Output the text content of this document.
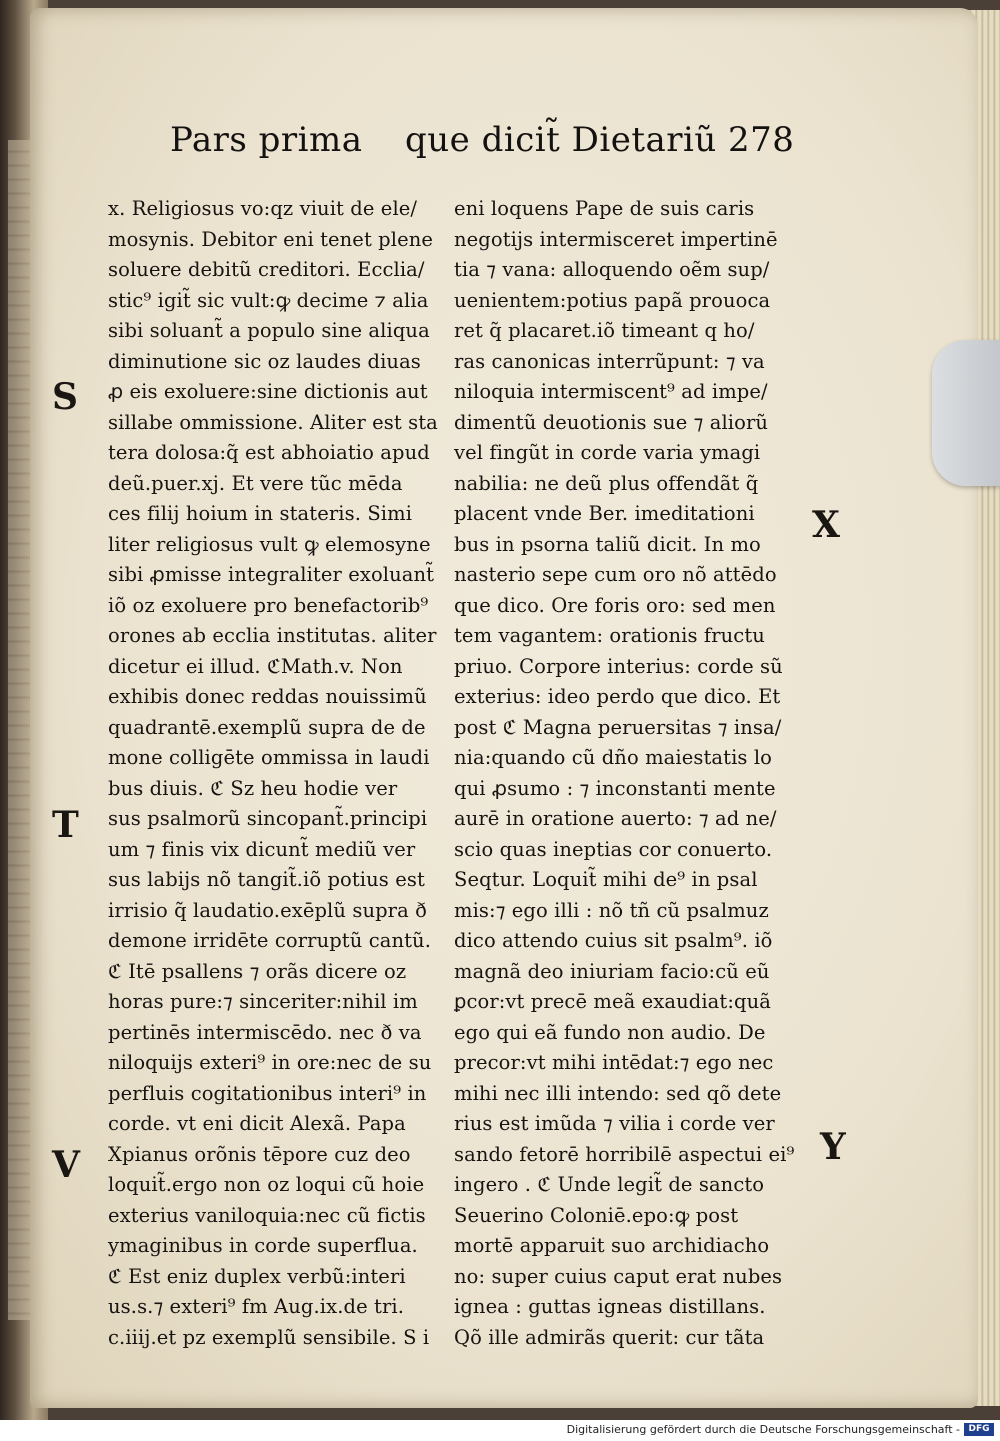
Pars prima que dicit̃ Dietariũ 278
S
T
V
X
Y
x. Religiosus vo:qz viuit de ele/
mosynis. Debitor eni tenet plene
soluere debitũ creditori. Ecclia/
stic⁹ igit̃ sic vult:ꝙ decime ⁊ alia
sibi soluant̃ a populo sine aliqua
diminutione sic oz laudes diuas
ꝓ eis exoluere:sine dictionis aut
sillabe ommissione. Aliter est sta
tera dolosa:q̃ est abhoiatio apud
deũ.puer.xj. Et vere tũc mēda
ces filij hoium in stateris. Simi
liter religiosus vult ꝙ elemosyne
sibi ꝓmisse integraliter exoluant̃
iõ oz exoluere pro benefactorib⁹
orones ab ecclia institutas. aliter
dicetur ei illud. ℭMath.v. Non
exhibis donec reddas nouissimũ
quadrantē.exemplũ supra de de
mone colligēte ommissa in laudi
bus diuis. ℭ Sz heu hodie ver
sus psalmorũ sincopant̃.principi
um ⁊ finis vix dicunt̃ mediũ ver
sus labijs nõ tangit̃.iõ potius est
irrisio q̃ laudatio.exēplũ supra ð
demone irridēte corruptũ cantũ.
ℭ Itē psallens ⁊ orãs dicere oz
horas pure:⁊ sinceriter:nihil im
pertinēs intermiscēdo. nec ð va
niloquijs exteri⁹ in ore:nec de su
perfluis cogitationibus interi⁹ in
corde. vt eni dicit Alexã. Papa
Xpianus orõnis tēpore cuz deo
loquit̃.ergo non oz loqui cũ hoie
exterius vaniloquia:nec cũ fictis
ymaginibus in corde superflua.
ℭ Est eniz duplex verbũ:interi
us.s.⁊ exteri⁹ fm Aug.ix.de tri.
c.iiij.et pz exemplũ sensibile. S i
eni loquens Pape de suis caris
negotijs intermisceret impertinē
tia ⁊ vana: alloquendo oẽm sup/
uenientem:potius papã prouoca
ret q̃ placaret.iõ timeant q ho/
ras canonicas interrũpunt: ⁊ va
niloquia intermiscent⁹ ad impe/
dimentũ deuotionis sue ⁊ aliorũ
vel fingũt in corde varia ymagi
nabilia: ne deũ plus offendãt q̃
placent vnde Ber. imeditationi
bus in psorna taliũ dicit. In mo
nasterio sepe cum oro nõ attēdo
que dico. Ore foris oro: sed men
tem vagantem: orationis fructu
priuo. Corpore interius: corde sũ
exterius: ideo perdo que dico. Et
post ℭ Magna peruersitas ⁊ insa/
nia:quando cũ dño maiestatis lo
qui ꝓsumo : ⁊ inconstanti mente
aurē in oratione auerto: ⁊ ad ne/
scio quas ineptias cor conuerto.
Seqtur. Loquit̃ mihi de⁹ in psal
mis:⁊ ego illi : nõ tñ cũ psalmuz
dico attendo cuius sit psalm⁹. iõ
magnã deo iniuriam facio:cũ eũ
ꝑcor:vt precē meã exaudiat:quã
ego qui eã fundo non audio. De
precor:vt mihi intēdat:⁊ ego nec
mihi nec illi intendo: sed qõ dete
rius est imũda ⁊ vilia i corde ver
sando fetorē horribilē aspectui ei⁹
ingero . ℭ Unde legit̃ de sancto
Seuerino Coloniē.epo:ꝙ post
mortē apparuit suo archidiacho
no: super cuius caput erat nubes
ignea : guttas igneas distillans.
Qõ ille admirãs querit: cur tãta
Digitalisierung gefördert durch die Deutsche Forschungsgemeinschaft - DFG
